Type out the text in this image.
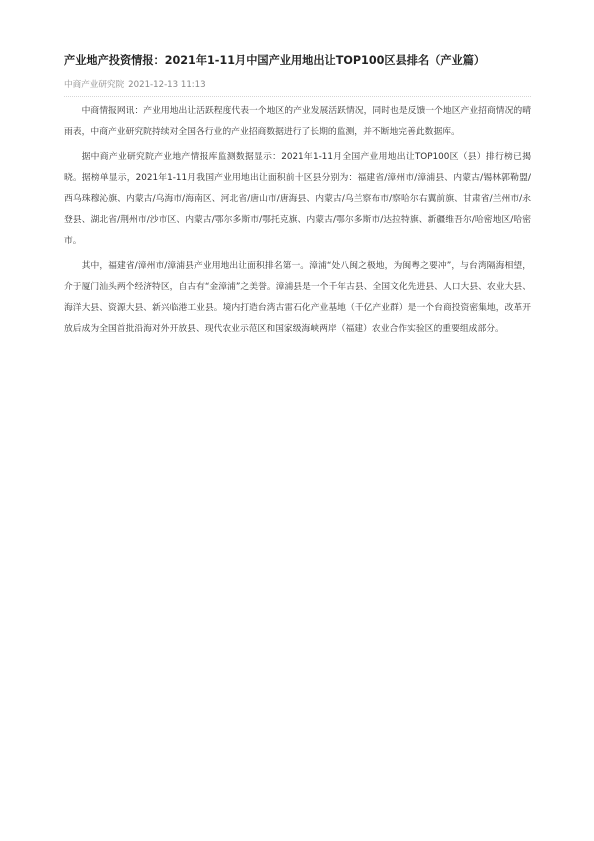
产业地产投资情报：2021年1-11月中国产业用地出让TOP100区县排名（产业篇）
中商产业研究院 2021-12-13 11:13

中商情报网讯：产业用地出让活跃程度代表一个地区的产业发展活跃情况，同时也是反馈一个地区产业招商情况的晴雨表，中商产业研究院持续对全国各行业的产业招商数据进行了长期的监测，并不断地完善此数据库。

据中商产业研究院产业地产情报库监测数据显示：2021年1-11月全国产业用地出让TOP100区（县）排行榜已揭晓。据榜单显示，2021年1-11月我国产业用地出让面积前十区县分别为：福建省/漳州市/漳浦县、内蒙古/锡林郭勒盟/西乌珠穆沁旗、内蒙古/乌海市/海南区、河北省/唐山市/唐海县、内蒙古/乌兰察布市/察哈尔右翼前旗、甘肃省/兰州市/永登县、湖北省/荆州市/沙市区、内蒙古/鄂尔多斯市/鄂托克旗、内蒙古/鄂尔多斯市/达拉特旗、新疆维吾尔/哈密地区/哈密市。

其中，福建省/漳州市/漳浦县产业用地出让面积排名第一。漳浦“处八闽之极地，为闽粤之要冲”，与台湾隔海相望，介于厦门汕头两个经济特区，自古有“金漳浦”之美誉。漳浦县是一个千年古县、全国文化先进县、人口大县、农业大县、海洋大县、资源大县、新兴临港工业县。境内打造台湾古雷石化产业基地（千亿产业群）是一个台商投资密集地，改革开放后成为全国首批沿海对外开放县、现代农业示范区和国家级海峡两岸（福建）农业合作实验区的重要组成部分。
